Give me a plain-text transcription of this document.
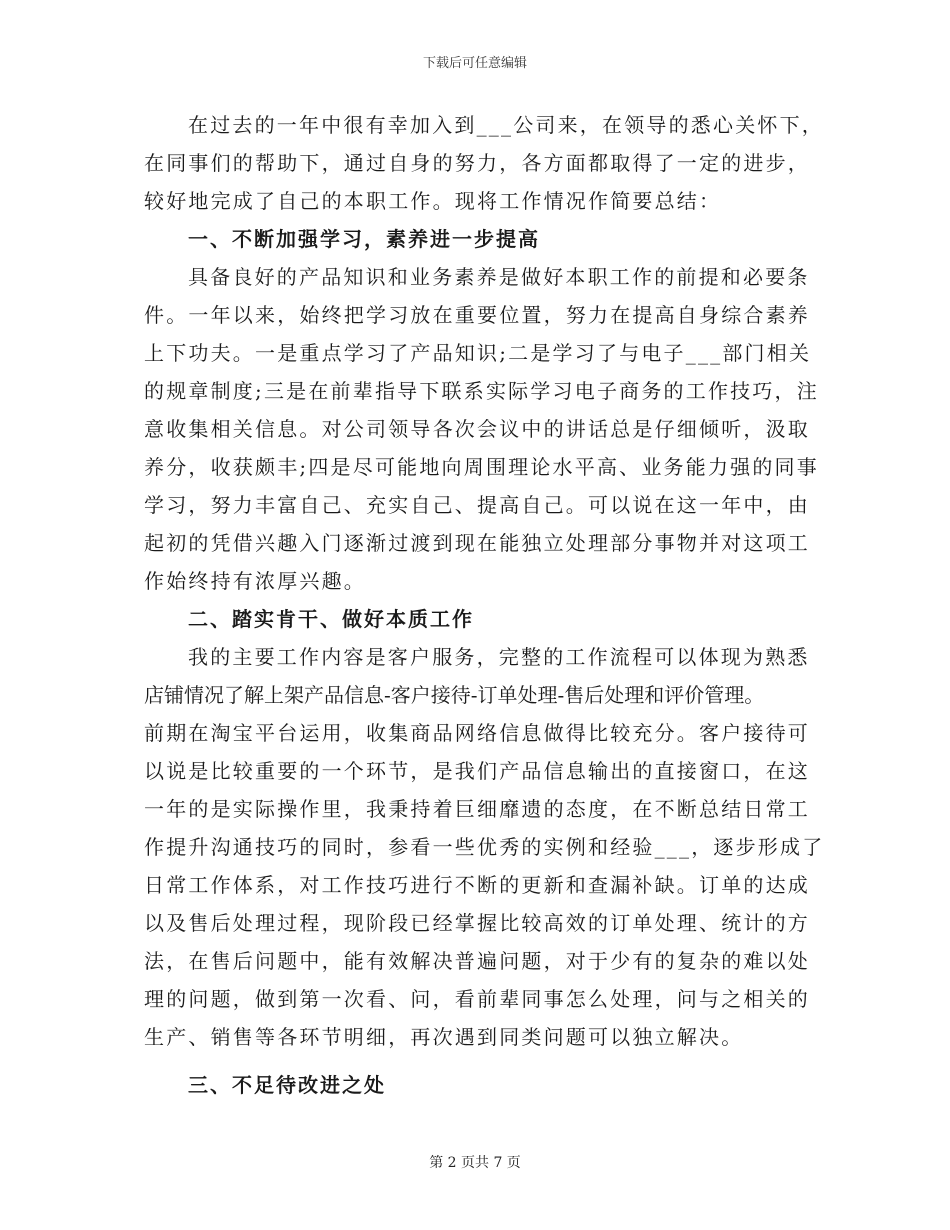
下载后可任意编辑
在过去的一年中很有幸加入到___公司来，在领导的悉心关怀下，
在同事们的帮助下，通过自身的努力，各方面都取得了一定的进步，
较好地完成了自己的本职工作。现将工作情况作简要总结：
一、不断加强学习，素养进一步提高
具备良好的产品知识和业务素养是做好本职工作的前提和必要条
件。一年以来，始终把学习放在重要位置，努力在提高自身综合素养
上下功夫。一是重点学习了产品知识;二是学习了与电子___部门相关
的规章制度;三是在前辈指导下联系实际学习电子商务的工作技巧，注
意收集相关信息。对公司领导各次会议中的讲话总是仔细倾听，汲取
养分，收获颇丰;四是尽可能地向周围理论水平高、业务能力强的同事
学习，努力丰富自己、充实自己、提高自己。可以说在这一年中，由
起初的凭借兴趣入门逐渐过渡到现在能独立处理部分事物并对这项工
作始终持有浓厚兴趣。
二、踏实肯干、做好本质工作
我的主要工作内容是客户服务，完整的工作流程可以体现为熟悉
店铺情况了解上架产品信息-客户接待-订单处理-售后处理和评价管理。
前期在淘宝平台运用，收集商品网络信息做得比较充分。客户接待可
以说是比较重要的一个环节，是我们产品信息输出的直接窗口，在这
一年的是实际操作里，我秉持着巨细靡遗的态度，在不断总结日常工
作提升沟通技巧的同时，参看一些优秀的实例和经验___，逐步形成了
日常工作体系，对工作技巧进行不断的更新和查漏补缺。订单的达成
以及售后处理过程，现阶段已经掌握比较高效的订单处理、统计的方
法，在售后问题中，能有效解决普遍问题，对于少有的复杂的难以处
理的问题，做到第一次看、问，看前辈同事怎么处理，问与之相关的
生产、销售等各环节明细，再次遇到同类问题可以独立解决。
三、不足待改进之处
第 2 页共 7 页
